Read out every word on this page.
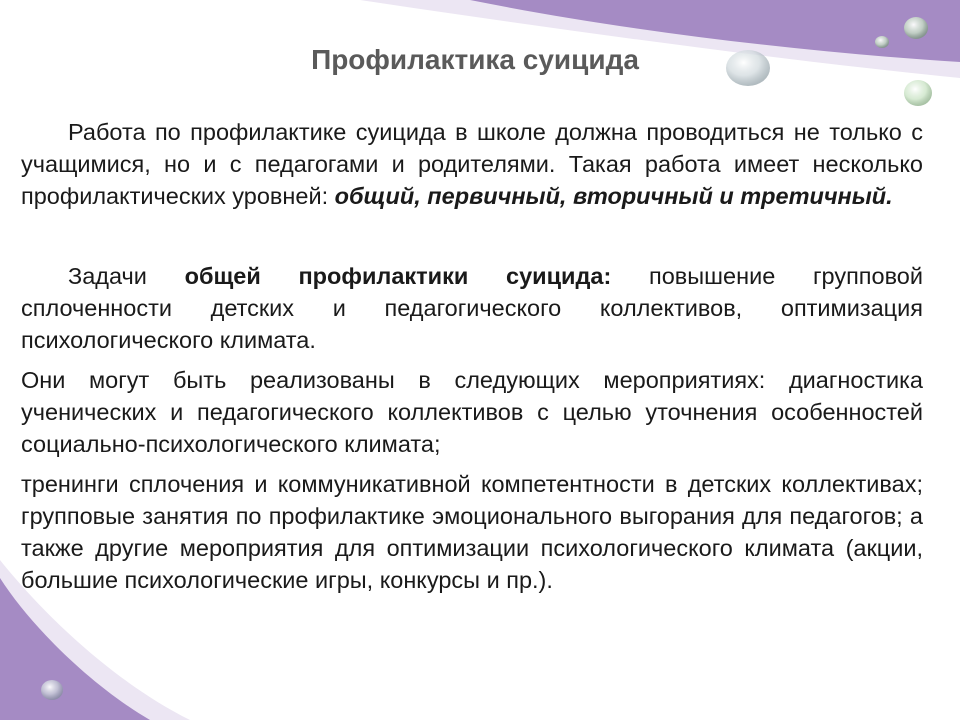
Профилактика суицида

Работа по профилактике суицида в школе должна проводиться не только с учащимися, но и с педагогами и родителями. Такая работа имеет несколько профилактических уровней: общий, первичный, вторичный и третичный.

Задачи общей профилактики суицида: повышение групповой сплоченности детских и педагогического коллективов, оптимизация психологического климата.

Они могут быть реализованы в следующих мероприятиях: диагностика ученических и педагогического коллективов с целью уточнения особенностей социально-психологического климата;

тренинги сплочения и коммуникативной компетентности в детских коллективах; групповые занятия по профилактике эмоционального выгорания для педагогов; а также другие мероприятия для оптимизации психологического климата (акции, большие психологические игры, конкурсы и пр.).
